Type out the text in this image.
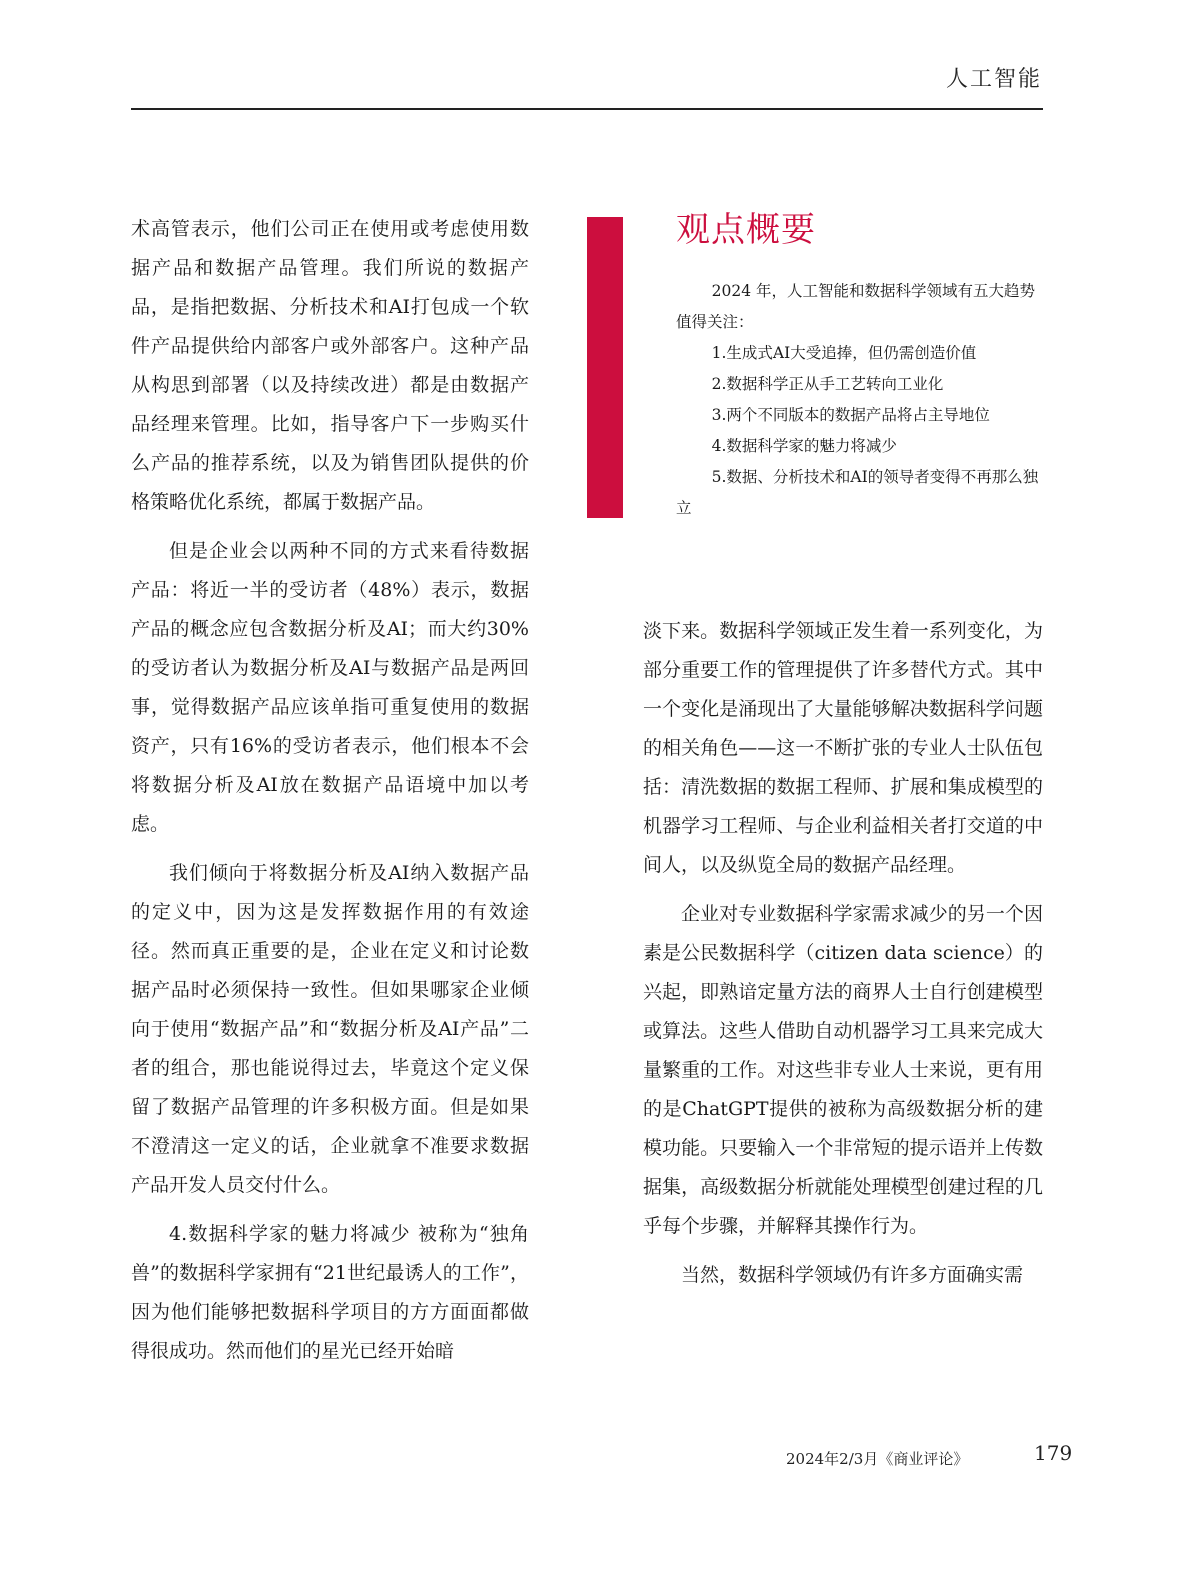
人工智能

术高管表示，他们公司正在使用或考虑使用数据产品和数据产品管理。我们所说的数据产品，是指把数据、分析技术和AI打包成一个软件产品提供给内部客户或外部客户。这种产品从构思到部署（以及持续改进）都是由数据产品经理来管理。比如，指导客户下一步购买什么产品的推荐系统，以及为销售团队提供的价格策略优化系统，都属于数据产品。

但是企业会以两种不同的方式来看待数据产品：将近一半的受访者（48%）表示，数据产品的概念应包含数据分析及AI；而大约30%的受访者认为数据分析及AI与数据产品是两回事，觉得数据产品应该单指可重复使用的数据资产，只有16%的受访者表示，他们根本不会将数据分析及AI放在数据产品语境中加以考虑。

我们倾向于将数据分析及AI纳入数据产品的定义中，因为这是发挥数据作用的有效途径。然而真正重要的是，企业在定义和讨论数据产品时必须保持一致性。但如果哪家企业倾向于使用“数据产品”和“数据分析及AI产品”二者的组合，那也能说得过去，毕竟这个定义保留了数据产品管理的许多积极方面。但是如果不澄清这一定义的话，企业就拿不准要求数据产品开发人员交付什么。

4.数据科学家的魅力将减少 被称为“独角兽”的数据科学家拥有“21世纪最诱人的工作”，因为他们能够把数据科学项目的方方面面都做得很成功。然而他们的星光已经开始暗

观点概要

2024 年，人工智能和数据科学领域有五大趋势值得关注：

1.生成式AI大受追捧，但仍需创造价值
2.数据科学正从手工艺转向工业化
3.两个不同版本的数据产品将占主导地位
4.数据科学家的魅力将减少
5.数据、分析技术和AI的领导者变得不再那么独立

淡下来。数据科学领域正发生着一系列变化，为部分重要工作的管理提供了许多替代方式。其中一个变化是涌现出了大量能够解决数据科学问题的相关角色——这一不断扩张的专业人士队伍包括：清洗数据的数据工程师、扩展和集成模型的机器学习工程师、与企业利益相关者打交道的中间人，以及纵览全局的数据产品经理。

企业对专业数据科学家需求减少的另一个因素是公民数据科学（citizen data science）的兴起，即熟谙定量方法的商界人士自行创建模型或算法。这些人借助自动机器学习工具来完成大量繁重的工作。对这些非专业人士来说，更有用的是ChatGPT提供的被称为高级数据分析的建模功能。只要输入一个非常短的提示语并上传数据集，高级数据分析就能处理模型创建过程的几乎每个步骤，并解释其操作行为。

当然，数据科学领域仍有许多方面确实需

2024年2/3月《商业评论》	179
